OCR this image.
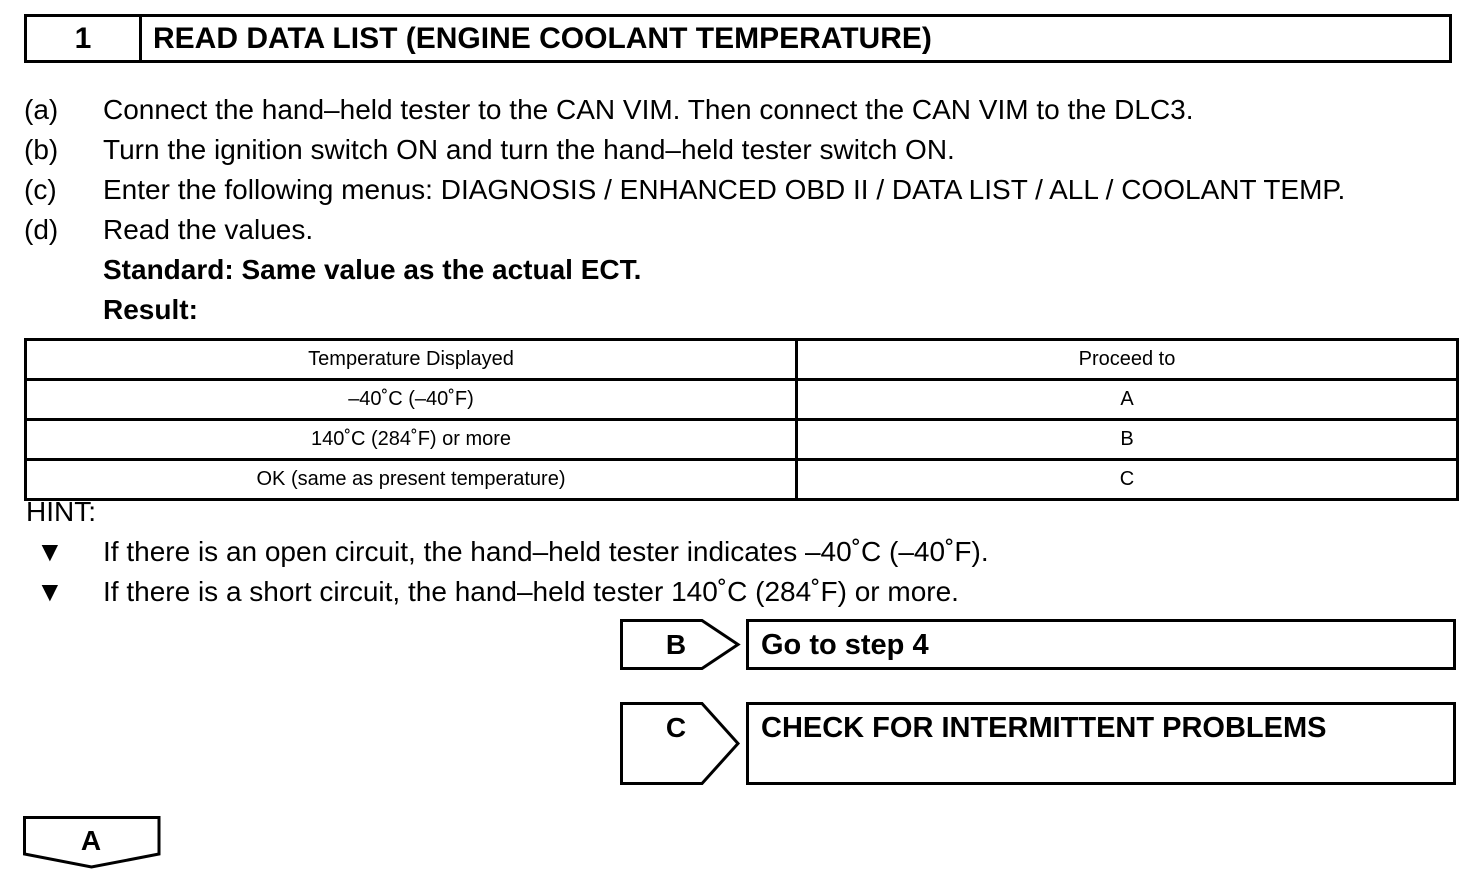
1	READ DATA LIST (ENGINE COOLANT TEMPERATURE)
(a) Connect the hand–held tester to the CAN VIM. Then connect the CAN VIM to the DLC3.
(b) Turn the ignition switch ON and turn the hand–held tester switch ON.
(c) Enter the following menus: DIAGNOSIS / ENHANCED OBD II / DATA LIST / ALL / COOLANT TEMP.
(d) Read the values.
Standard: Same value as the actual ECT.
Result:
Temperature Displayed	Proceed to
–40˚C (–40˚F)	A
140˚C (284˚F) or more	B
OK (same as present temperature)	C
HINT:
▼ If there is an open circuit, the hand–held tester indicates –40˚C (–40˚F).
▼ If there is a short circuit, the hand–held tester 140˚C (284˚F) or more.
B	Go to step 4
C	CHECK FOR INTERMITTENT PROBLEMS
A
